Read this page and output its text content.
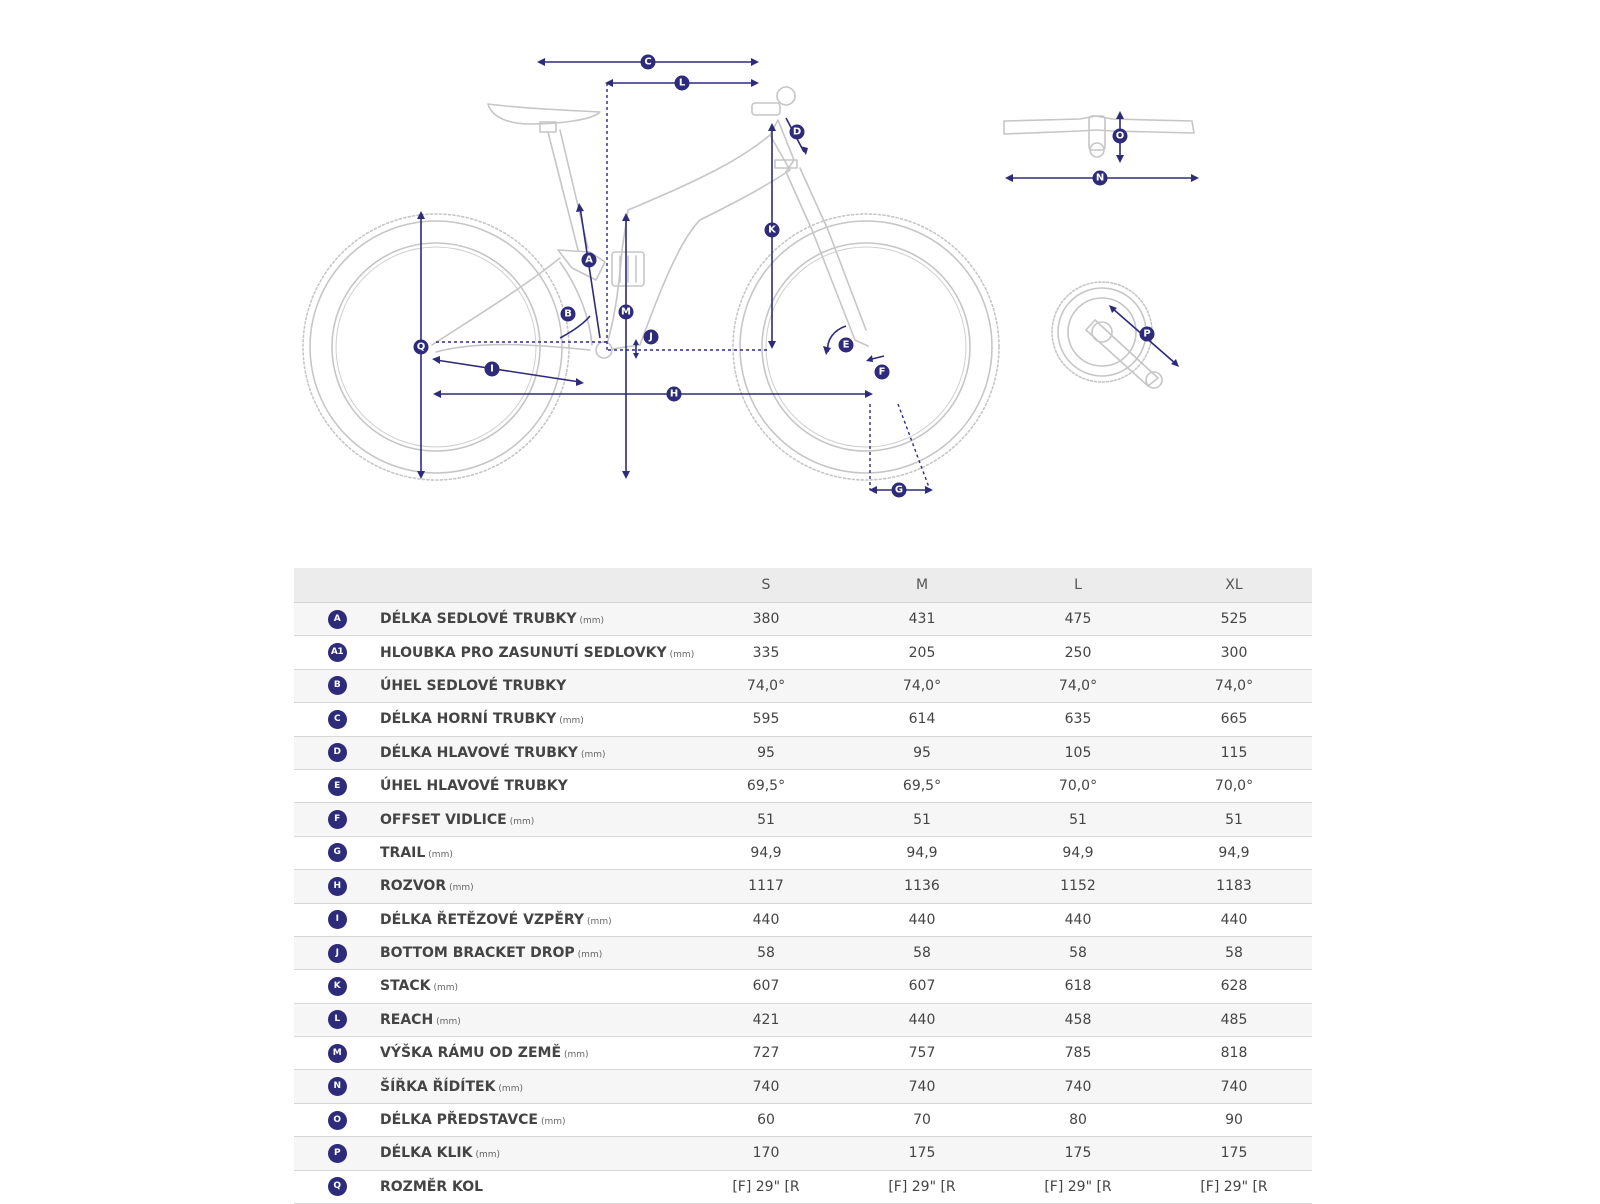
C
L
D
K
A
B	M
J
Q
I
H
E
F
G
O
N
P
		S	M	L	XL
A	DÉLKA SEDLOVÉ TRUBKY (mm)	380	431	475	525
A1	HLOUBKA PRO ZASUNUTÍ SEDLOVKY (mm)	335	205	250	300
B	ÚHEL SEDLOVÉ TRUBKY	74,0°	74,0°	74,0°	74,0°
C	DÉLKA HORNÍ TRUBKY (mm)	595	614	635	665
D	DÉLKA HLAVOVÉ TRUBKY (mm)	95	95	105	115
E	ÚHEL HLAVOVÉ TRUBKY	69,5°	69,5°	70,0°	70,0°
F	OFFSET VIDLICE (mm)	51	51	51	51
G	TRAIL (mm)	94,9	94,9	94,9	94,9
H	ROZVOR (mm)	1117	1136	1152	1183
I	DÉLKA ŘETĚZOVÉ VZPĚRY (mm)	440	440	440	440
J	BOTTOM BRACKET DROP (mm)	58	58	58	58
K	STACK (mm)	607	607	618	628
L	REACH (mm)	421	440	458	485
M	VÝŠKA RÁMU OD ZEMĚ (mm)	727	757	785	818
N	ŠÍŘKA ŘÍDÍTEK (mm)	740	740	740	740
O	DÉLKA PŘEDSTAVCE (mm)	60	70	80	90
P	DÉLKA KLIK (mm)	170	175	175	175
Q	ROZMĚR KOL	[F] 29" [R	[F] 29" [R	[F] 29" [R	[F] 29" [R
